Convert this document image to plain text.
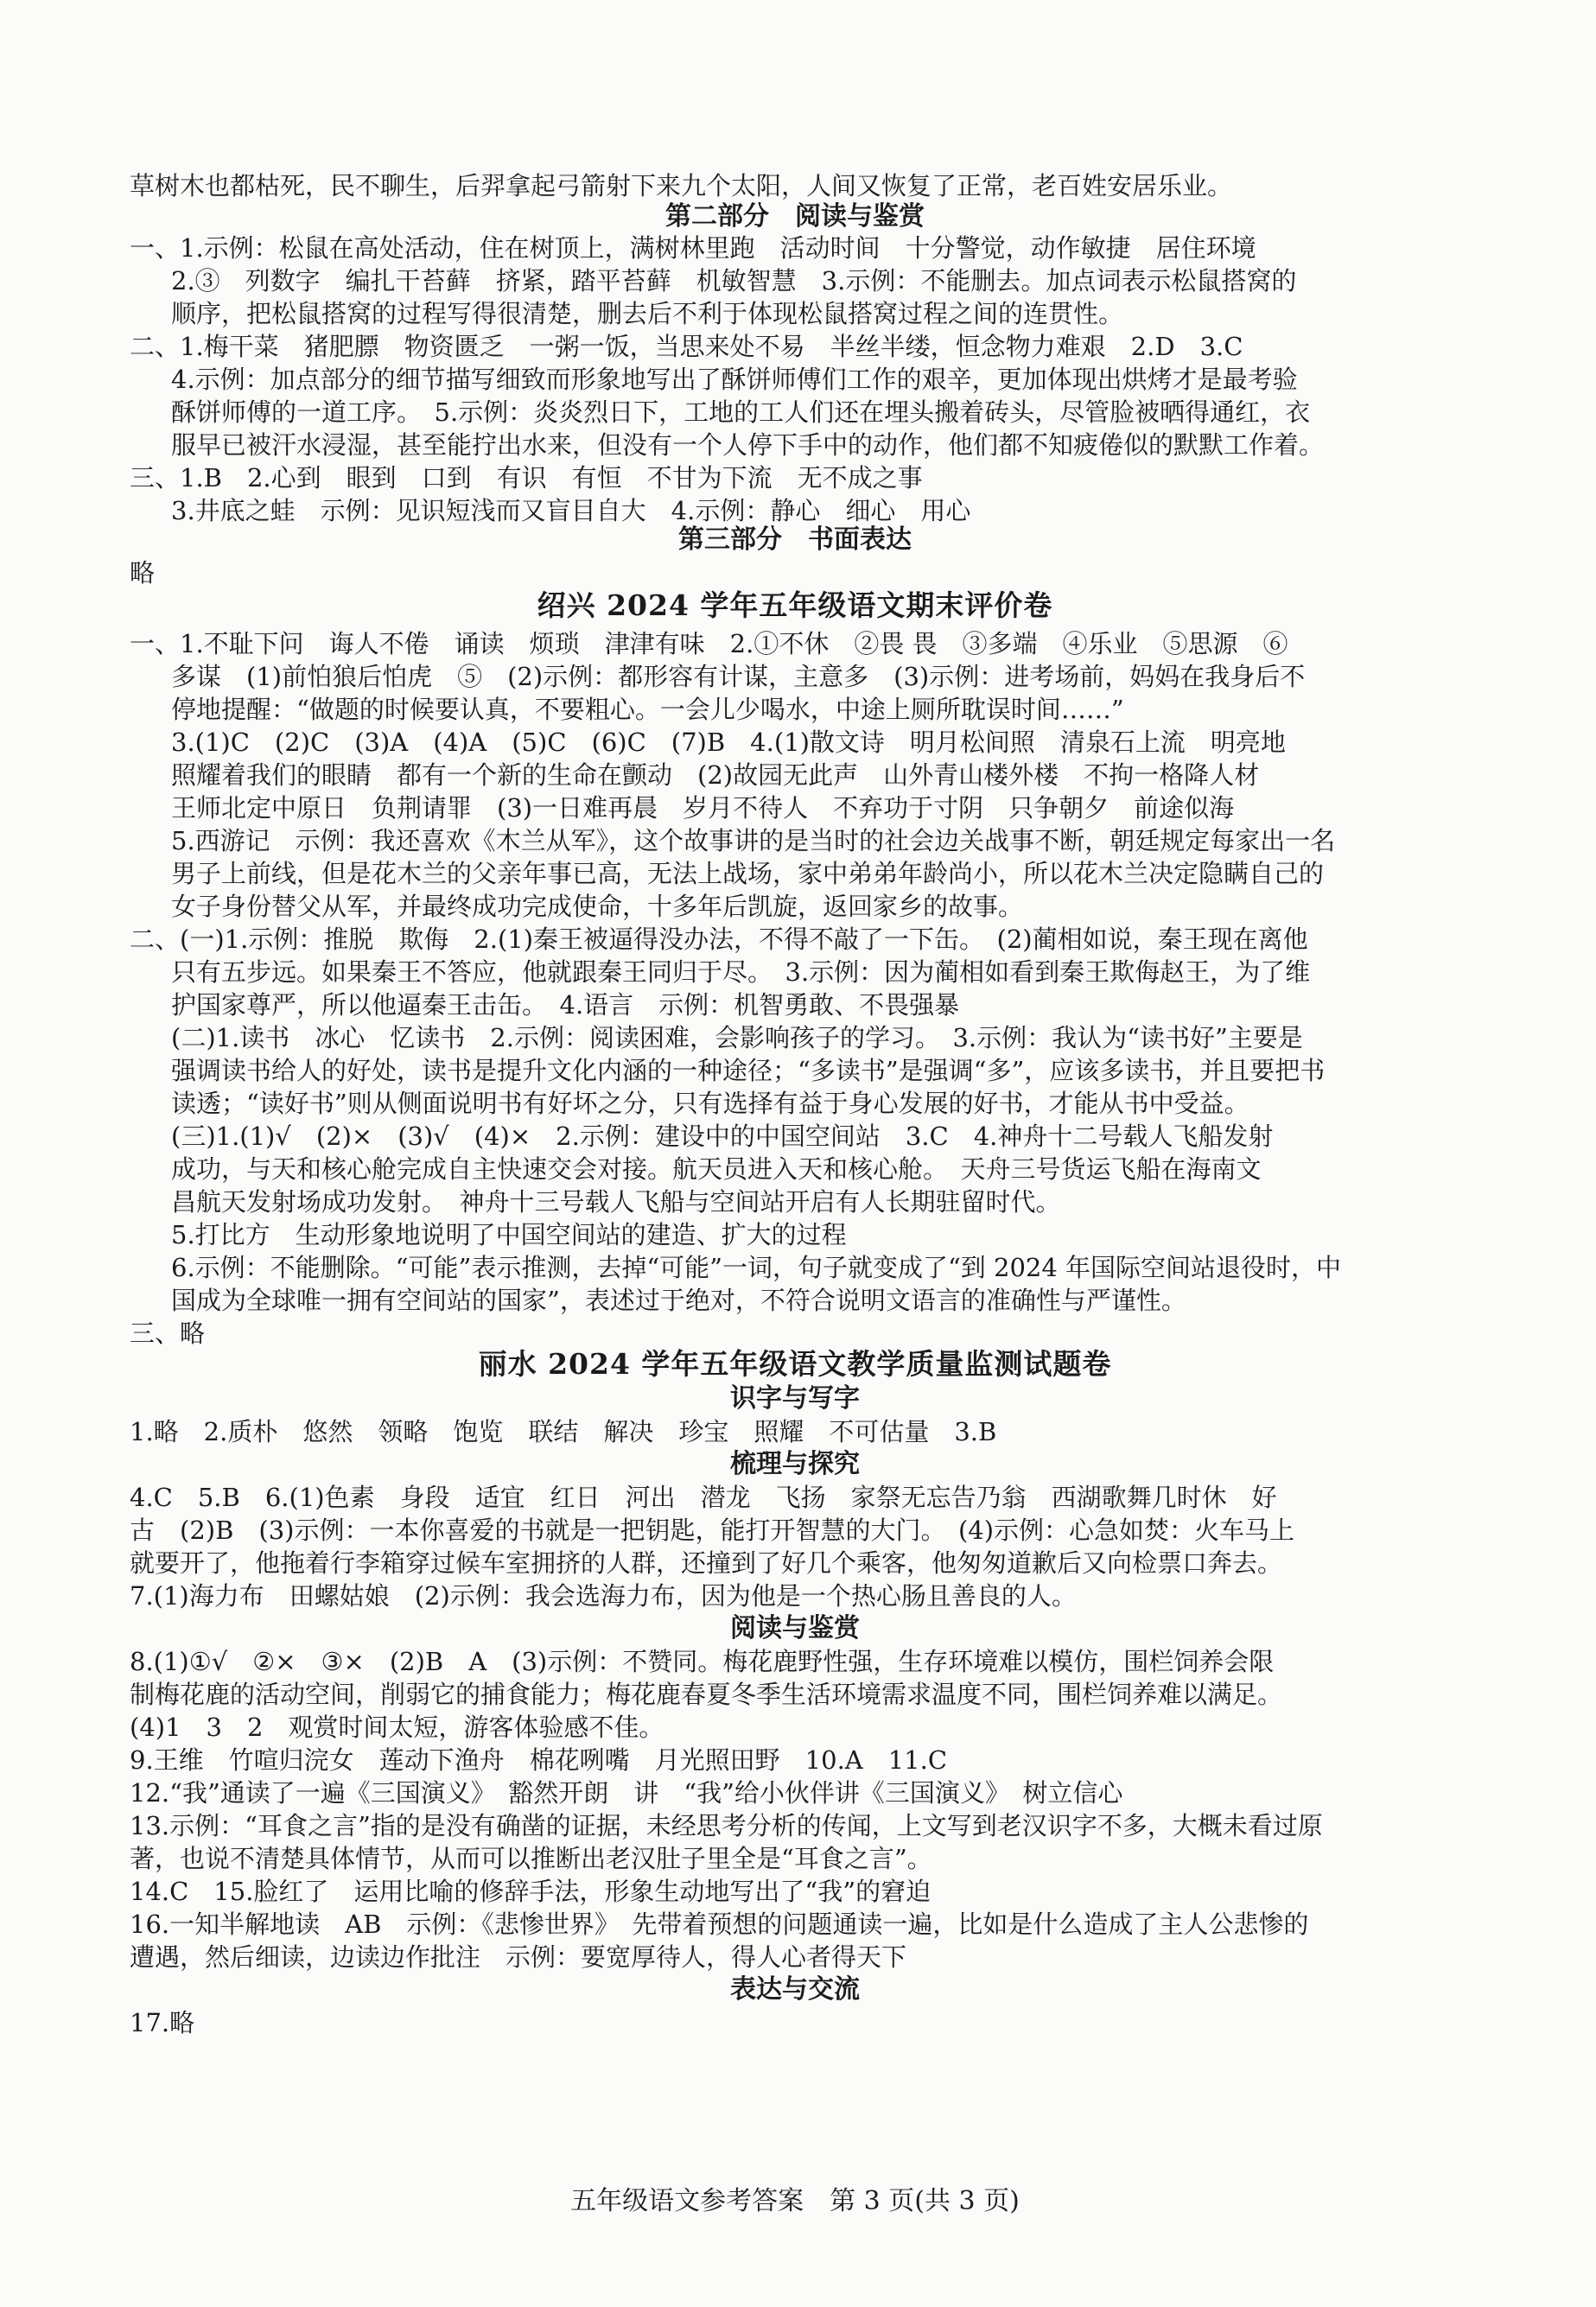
草树木也都枯死，民不聊生，后羿拿起弓箭射下来九个太阳，人间又恢复了正常，老百姓安居乐业。
第二部分　阅读与鉴赏
一、1.示例：松鼠在高处活动，住在树顶上，满树林里跑　活动时间　十分警觉，动作敏捷　居住环境
2.③　列数字　编扎干苔藓　挤紧，踏平苔藓　机敏智慧　3.示例：不能删去。加点词表示松鼠搭窝的
顺序，把松鼠搭窝的过程写得很清楚，删去后不利于体现松鼠搭窝过程之间的连贯性。
二、1.梅干菜　猪肥膘　物资匮乏　一粥一饭，当思来处不易　半丝半缕，恒念物力难艰　2.D　3.C
4.示例：加点部分的细节描写细致而形象地写出了酥饼师傅们工作的艰辛，更加体现出烘烤才是最考验
酥饼师傅的一道工序。　5.示例：炎炎烈日下，工地的工人们还在埋头搬着砖头，尽管脸被晒得通红，衣
服早已被汗水浸湿，甚至能拧出水来，但没有一个人停下手中的动作，他们都不知疲倦似的默默工作着。
三、1.B　2.心到　眼到　口到　有识　有恒　不甘为下流　无不成之事
3.井底之蛙　示例：见识短浅而又盲目自大　4.示例：静心　细心　用心
第三部分　书面表达
略
绍兴 2024 学年五年级语文期末评价卷
一、1.不耻下问　诲人不倦　诵读　烦琐　津津有味　2.①不休　②畏 畏　③多端　④乐业　⑤思源　⑥
多谋　(1)前怕狼后怕虎　⑤　(2)示例：都形容有计谋，主意多　(3)示例：进考场前，妈妈在我身后不
停地提醒：“做题的时候要认真，不要粗心。一会儿少喝水，中途上厕所耽误时间……”
3.(1)C　(2)C　(3)A　(4)A　(5)C　(6)C　(7)B　4.(1)散文诗　明月松间照　清泉石上流　明亮地
照耀着我们的眼睛　都有一个新的生命在颤动　(2)故园无此声　山外青山楼外楼　不拘一格降人材
王师北定中原日　负荆请罪　(3)一日难再晨　岁月不待人　不弃功于寸阴　只争朝夕　前途似海
5.西游记　示例：我还喜欢《木兰从军》，这个故事讲的是当时的社会边关战事不断，朝廷规定每家出一名
男子上前线，但是花木兰的父亲年事已高，无法上战场，家中弟弟年龄尚小，所以花木兰决定隐瞒自己的
女子身份替父从军，并最终成功完成使命，十多年后凯旋，返回家乡的故事。
二、(一)1.示例：推脱　欺侮　2.(1)秦王被逼得没办法，不得不敲了一下缶。　(2)蔺相如说，秦王现在离他
只有五步远。如果秦王不答应，他就跟秦王同归于尽。　3.示例：因为蔺相如看到秦王欺侮赵王，为了维
护国家尊严，所以他逼秦王击缶。　4.语言　示例：机智勇敢、不畏强暴
(二)1.读书　冰心　忆读书　2.示例：阅读困难，会影响孩子的学习。　3.示例：我认为“读书好”主要是
强调读书给人的好处，读书是提升文化内涵的一种途径；“多读书”是强调“多”，应该多读书，并且要把书
读透；“读好书”则从侧面说明书有好坏之分，只有选择有益于身心发展的好书，才能从书中受益。
(三)1.(1)√　(2)×　(3)√　(4)×　2.示例：建设中的中国空间站　3.C　4.神舟十二号载人飞船发射
成功，与天和核心舱完成自主快速交会对接。航天员进入天和核心舱。　天舟三号货运飞船在海南文
昌航天发射场成功发射。　神舟十三号载人飞船与空间站开启有人长期驻留时代。
5.打比方　生动形象地说明了中国空间站的建造、扩大的过程
6.示例：不能删除。“可能”表示推测，去掉“可能”一词，句子就变成了“到 2024 年国际空间站退役时，中
国成为全球唯一拥有空间站的国家”，表述过于绝对，不符合说明文语言的准确性与严谨性。
三、略
丽水 2024 学年五年级语文教学质量监测试题卷
识字与写字
1.略　2.质朴　悠然　领略　饱览　联结　解决　珍宝　照耀　不可估量　3.B
梳理与探究
4.C　5.B　6.(1)色素　身段　适宜　红日　河出　潜龙　飞扬　家祭无忘告乃翁　西湖歌舞几时休　好
古　(2)B　(3)示例：一本你喜爱的书就是一把钥匙，能打开智慧的大门。　(4)示例：心急如焚：火车马上
就要开了，他拖着行李箱穿过候车室拥挤的人群，还撞到了好几个乘客，他匆匆道歉后又向检票口奔去。
7.(1)海力布　田螺姑娘　(2)示例：我会选海力布，因为他是一个热心肠且善良的人。
阅读与鉴赏
8.(1)①√　②×　③×　(2)B　A　(3)示例：不赞同。梅花鹿野性强，生存环境难以模仿，围栏饲养会限
制梅花鹿的活动空间，削弱它的捕食能力；梅花鹿春夏冬季生活环境需求温度不同，围栏饲养难以满足。
(4)1　3　2　观赏时间太短，游客体验感不佳。
9.王维　竹喧归浣女　莲动下渔舟　棉花咧嘴　月光照田野　10.A　11.C
12.“我”通读了一遍《三国演义》　豁然开朗　讲　“我”给小伙伴讲《三国演义》　树立信心
13.示例：“耳食之言”指的是没有确凿的证据，未经思考分析的传闻，上文写到老汉识字不多，大概未看过原
著，也说不清楚具体情节，从而可以推断出老汉肚子里全是“耳食之言”。
14.C　15.脸红了　运用比喻的修辞手法，形象生动地写出了“我”的窘迫
16.一知半解地读　AB　示例：《悲惨世界》　先带着预想的问题通读一遍，比如是什么造成了主人公悲惨的
遭遇，然后细读，边读边作批注　示例：要宽厚待人，得人心者得天下
表达与交流
17.略
五年级语文参考答案　第 3 页(共 3 页)
